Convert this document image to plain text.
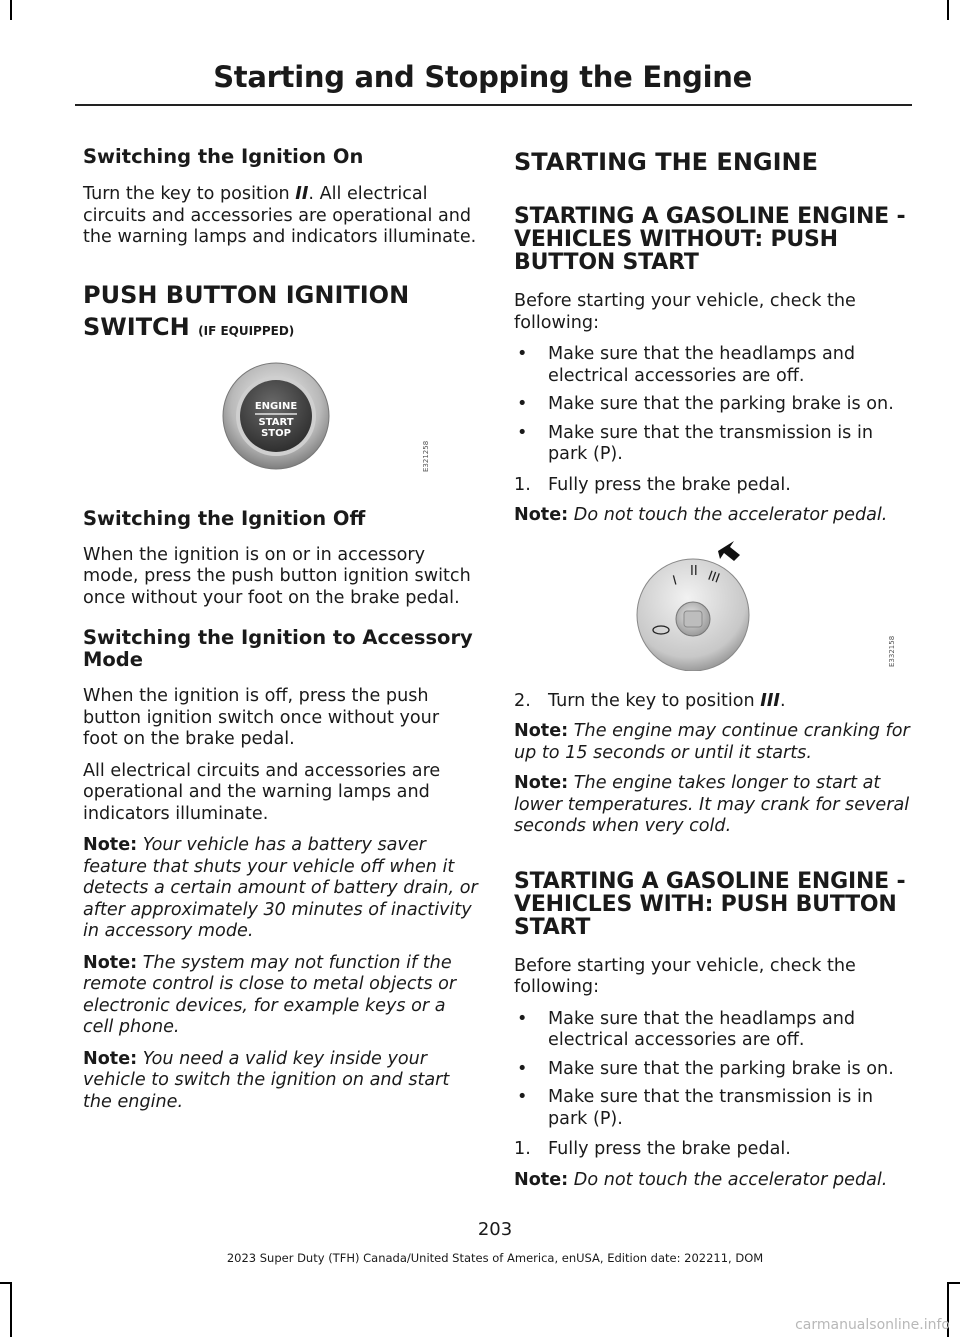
Starting and Stopping the Engine
Switching the Ignition On

Turn the key to position II. All electrical circuits and accessories are operational and the warning lamps and indicators illuminate.

PUSH BUTTON IGNITION
SWITCH (IF EQUIPPED)
ENGINE
START
STOP
E321258
Switching the Ignition Off

When the ignition is on or in accessory mode, press the push button ignition switch once without your foot on the brake pedal.

Switching the Ignition to Accessory Mode

When the ignition is off, press the push button ignition switch once without your foot on the brake pedal.

All electrical circuits and accessories are operational and the warning lamps and indicators illuminate.

Note: Your vehicle has a battery saver feature that shuts your vehicle off when it detects a certain amount of battery drain, or after approximately 30 minutes of inactivity in accessory mode.

Note: The system may not function if the remote control is close to metal objects or electronic devices, for example keys or a cell phone.

Note: You need a valid key inside your vehicle to switch the ignition on and start the engine.

STARTING THE ENGINE
STARTING A GASOLINE ENGINE - VEHICLES WITHOUT: PUSH BUTTON START

Before starting your vehicle, check the following:

• Make sure that the headlamps and electrical accessories are off.

• Make sure that the parking brake is on.

• Make sure that the transmission is in park (P).

1. Fully press the brake pedal.

Note: Do not touch the accelerator pedal.

I
II III
E332158

2. Turn the key to position III.

Note: The engine may continue cranking for up to 15 seconds or until it starts.

Note: The engine takes longer to start at lower temperatures. It may crank for several seconds when very cold.

STARTING A GASOLINE ENGINE - VEHICLES WITH: PUSH BUTTON START

Before starting your vehicle, check the following:

• Make sure that the headlamps and electrical accessories are off.

• Make sure that the parking brake is on.

• Make sure that the transmission is in park (P).

1. Fully press the brake pedal.

Note: Do not touch the accelerator pedal.

203
2023 Super Duty (TFH) Canada/United States of America, enUSA, Edition date: 202211, DOM
carmanualsonline.info
